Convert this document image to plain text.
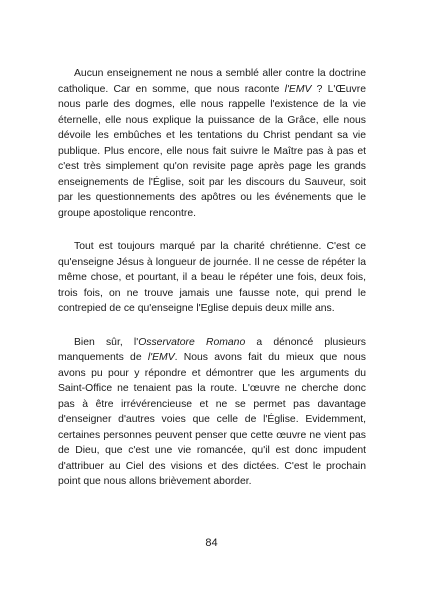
Aucun enseignement ne nous a semblé aller contre la doctrine catholique. Car en somme, que nous raconte l'EMV ? L'Œuvre nous parle des dogmes, elle nous rappelle l'existence de la vie éternelle, elle nous explique la puissance de la Grâce, elle nous dévoile les embûches et les tentations du Christ pendant sa vie publique. Plus encore, elle nous fait suivre le Maître pas à pas et c'est très simplement qu'on revisite page après page les grands enseignements de l'Église, soit par les discours du Sauveur, soit par les questionnements des apôtres ou les événements que le groupe apostolique rencontre.

Tout est toujours marqué par la charité chrétienne. C'est ce qu'enseigne Jésus à longueur de journée. Il ne cesse de répéter la même chose, et pourtant, il a beau le répéter une fois, deux fois, trois fois, on ne trouve jamais une fausse note, qui prend le contrepied de ce qu'enseigne l'Eglise depuis deux mille ans.

Bien sûr, l'Osservatore Romano a dénoncé plusieurs manquements de l'EMV. Nous avons fait du mieux que nous avons pu pour y répondre et démontrer que les arguments du Saint-Office ne tenaient pas la route. L'œuvre ne cherche donc pas à être irrévérencieuse et ne se permet pas davantage d'enseigner d'autres voies que celle de l'Église. Evidemment, certaines personnes peuvent penser que cette œuvre ne vient pas de Dieu, que c'est une vie romancée, qu'il est donc impudent d'attribuer au Ciel des visions et des dictées. C'est le prochain point que nous allons brièvement aborder.

84
